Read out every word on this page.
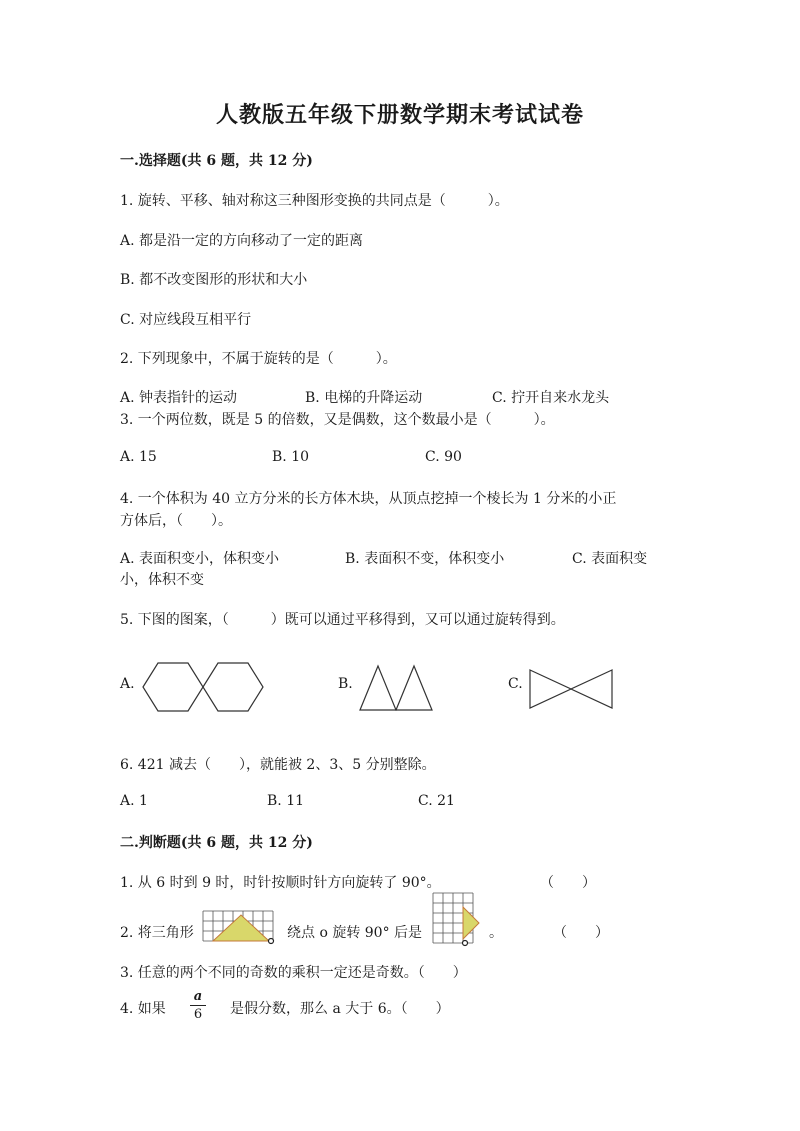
人教版五年级下册数学期末考试试卷
一.选择题(共 6 题，共 12 分)
1. 旋转、平移、轴对称这三种图形变换的共同点是（　　　）。
A. 都是沿一定的方向移动了一定的距离
B. 都不改变图形的形状和大小
C. 对应线段互相平行
2. 下列现象中，不属于旋转的是（　　　）。
A. 钟表指针的运动	B. 电梯的升降运动	C. 拧开自来水龙头
3. 一个两位数，既是 5 的倍数，又是偶数，这个数最小是（　　　）。
A. 15	B. 10	C. 90
4. 一个体积为 40 立方分米的长方体木块，从顶点挖掉一个棱长为 1 分米的小正
方体后，（　　）。
A. 表面积变小，体积变小	B. 表面积不变，体积变小	C. 表面积变
小，体积不变
5. 下图的图案，（　　　）既可以通过平移得到，又可以通过旋转得到。
A.	B.	C.
6. 421 减去（　　），就能被 2、3、5 分别整除。
A. 1	B. 11	C. 21
二.判断题(共 6 题，共 12 分)
1. 从 6 时到 9 时，时针按顺时针方向旋转了 90°。	（　　）
2. 将三角形	绕点 o 旋转 90° 后是	。	（　　）
3. 任意的两个不同的奇数的乘积一定还是奇数。（　　）
4. 如果 $\frac{a}{6}$ 是假分数，那么 a 大于 6。（　　）
